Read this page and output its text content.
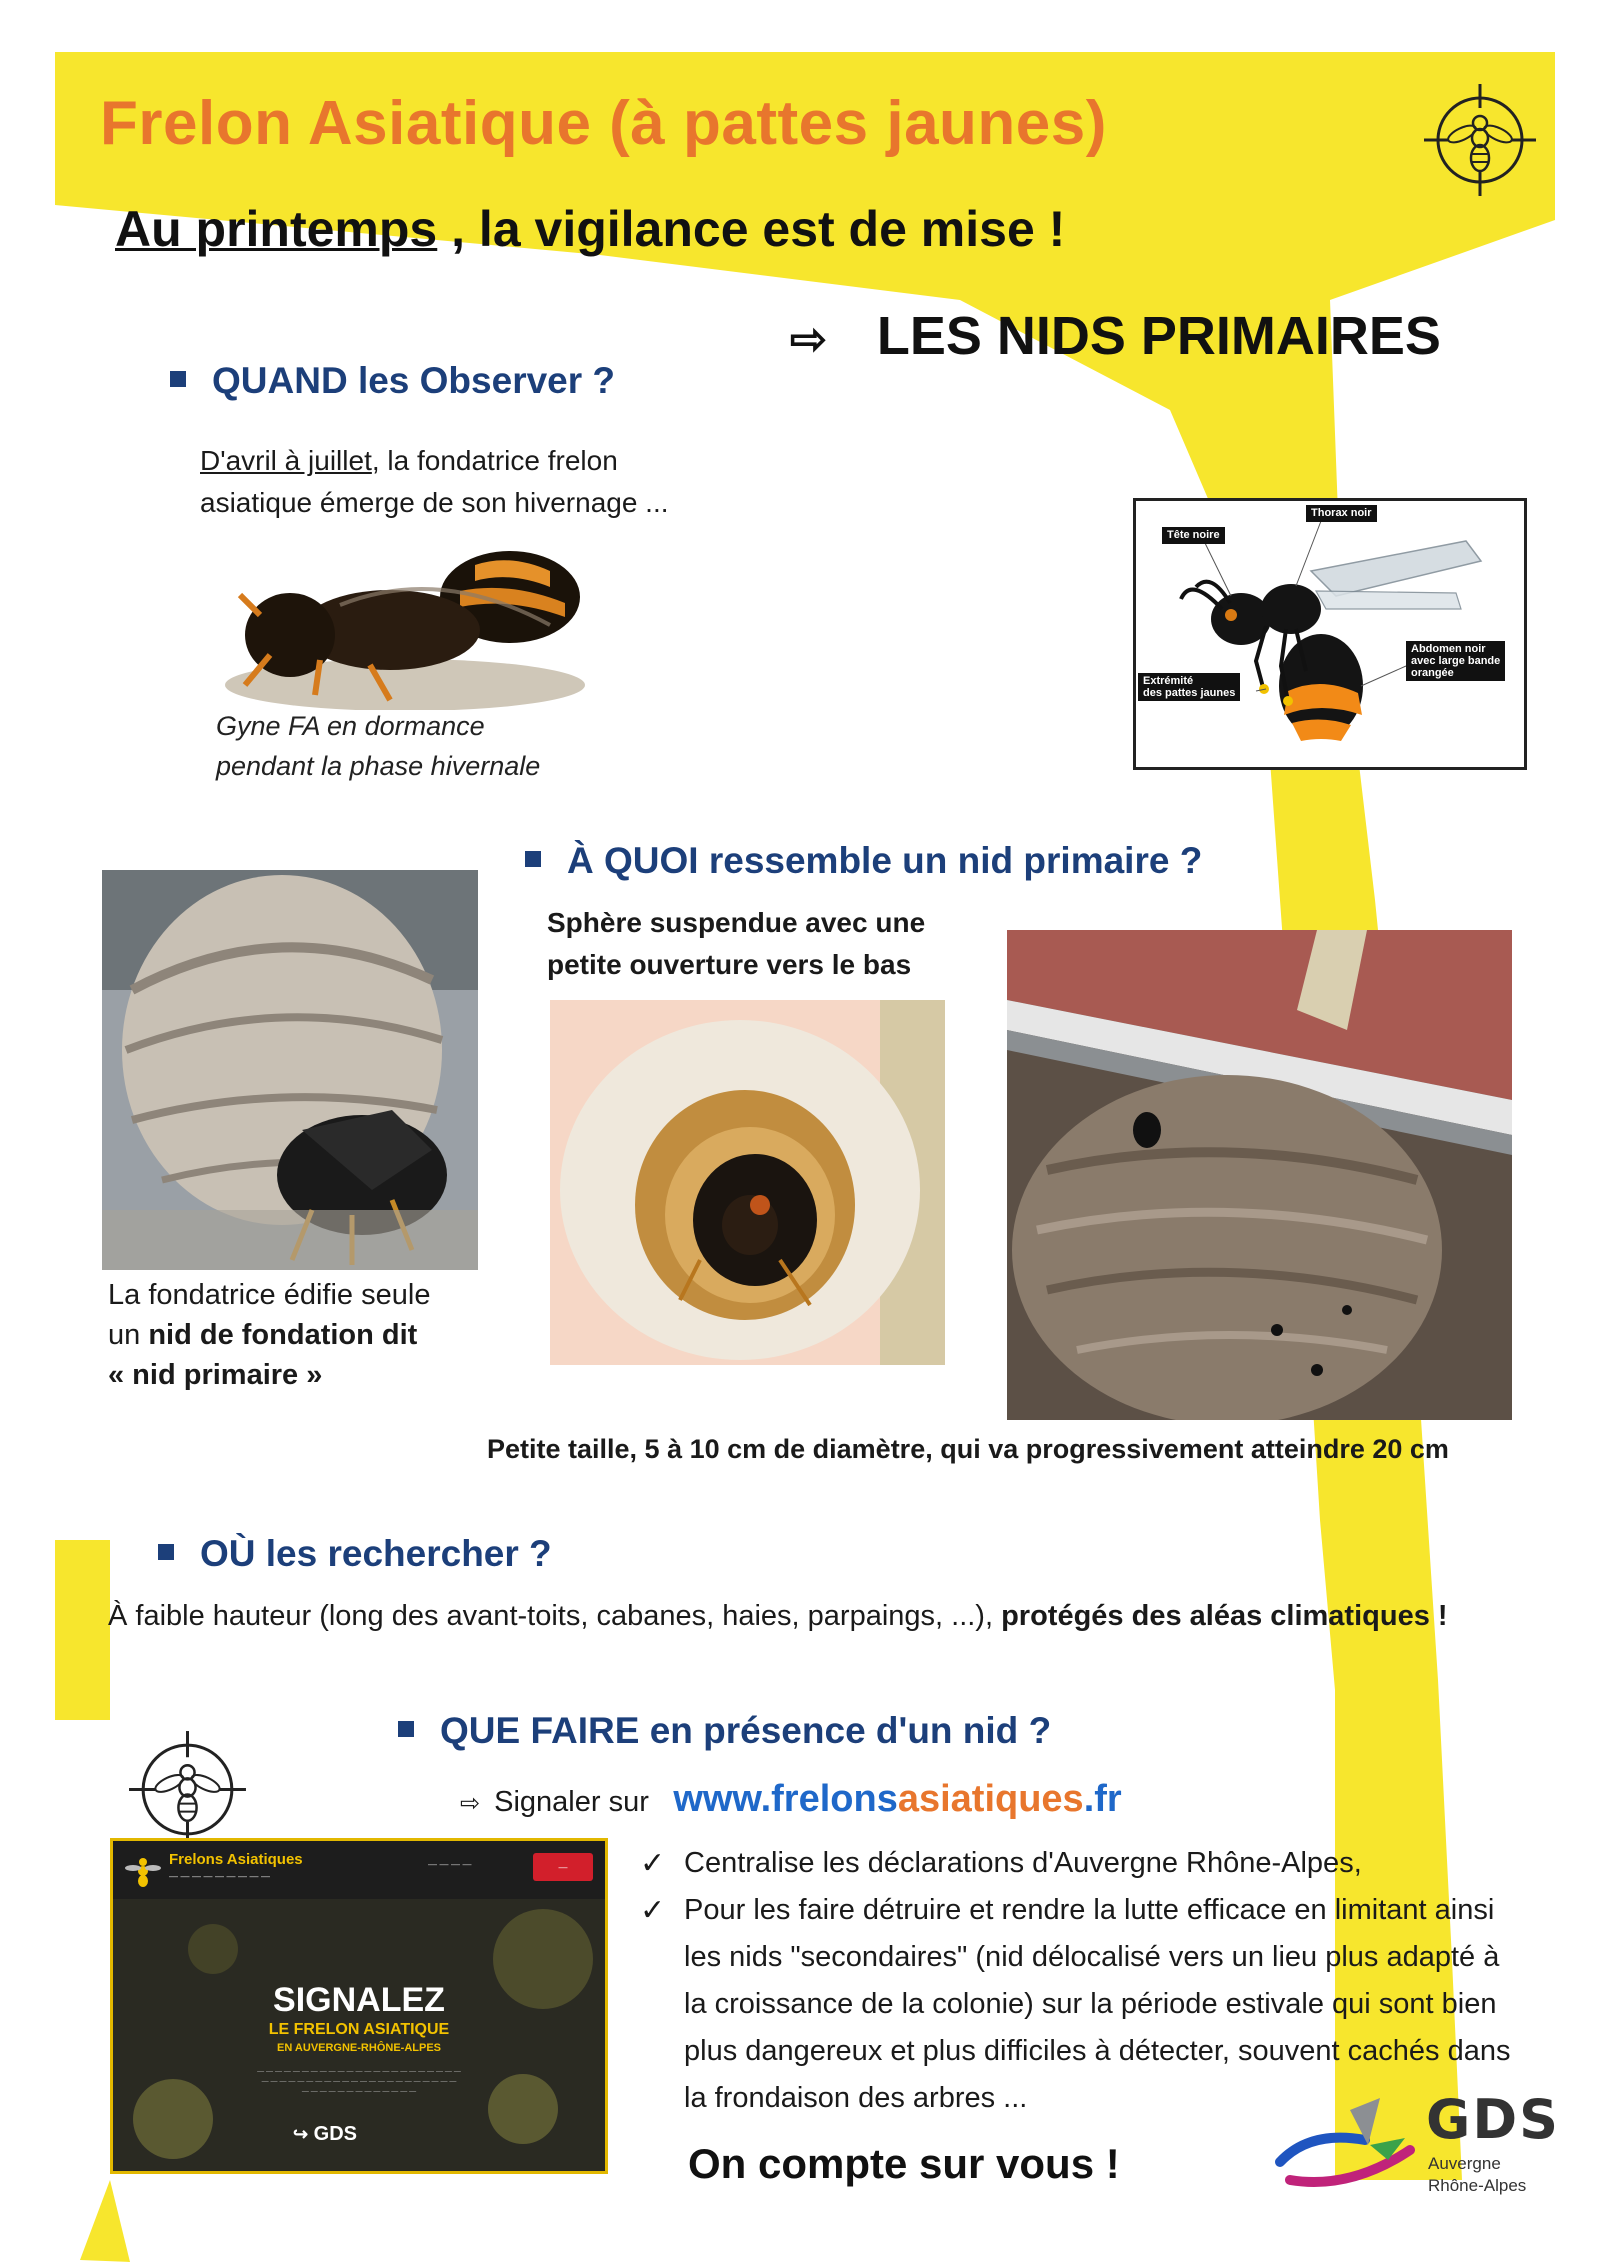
Frelon Asiatique (à pattes jaunes)
Au printemps , la vigilance est de mise !
⇨ LES NIDS PRIMAIRES
QUAND les Observer ?
D'avril à juillet, la fondatrice frelon
asiatique émerge de son hivernage ...
Gyne FA en dormance
pendant la phase hivernale
Tête noire
Thorax noir
Extrémité
des pattes jaunes
Abdomen noir
avec large bande
orangée
À QUOI ressemble un nid primaire ?
Sphère suspendue avec une
petite ouverture vers le bas
La fondatrice édifie seule
un nid de fondation dit
« nid primaire »
Petite taille, 5 à 10 cm de diamètre, qui va progressivement atteindre 20 cm
OÙ les rechercher ?
À faible hauteur (long des avant-toits, cabanes, haies, parpaings, ...), protégés des aléas climatiques !
QUE FAIRE en présence d'un nid ?
⇨ Signaler sur www.frelonsasiatiques.fr
Frelons Asiatiques
— — — — — — — — —
— — — —	—
SIGNALEZ
LE FRELON ASIATIQUE
EN AUVERGNE-RHÔNE-ALPES
— — — — — — — — — — — — — — — — — — — — — — —
— — — — — — — — — — — — — — — — — — — — — —
— — — — — — — — — — — — —
↪ GDS
✓ Centralise les déclarations d'Auvergne Rhône-Alpes,
✓ Pour les faire détruire et rendre la lutte efficace en limitant ainsi les nids "secondaires" (nid délocalisé vers un lieu plus adapté à la croissance de la colonie) sur la période estivale qui sont bien plus dangereux et plus difficiles à détecter, souvent cachés dans la frondaison des arbres ...
On compte sur vous !
GDS
Auvergne
Rhône-Alpes
